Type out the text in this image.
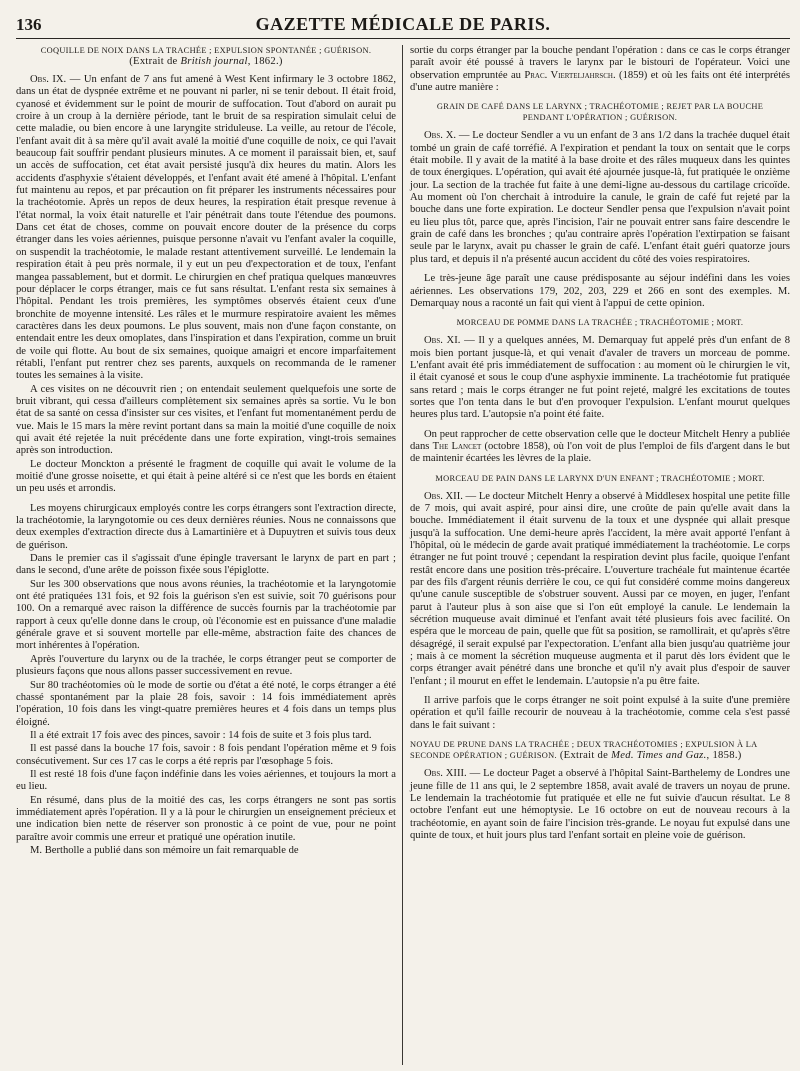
136	GAZETTE MÉDICALE DE PARIS.
COQUILLE DE NOIX DANS LA TRACHÉE ; EXPULSION SPONTANÉE ; GUÉRISON.
(Extrait de British journal, 1862.)

Obs. IX. — Un enfant de 7 ans fut amené à West Kent infirmary le 3 octobre 1862, dans un état de dyspnée extrême et ne pouvant ni parler, ni se tenir debout. Il était froid, cyanosé et évidemment sur le point de mourir de suffocation. Tout d'abord on aurait pu croire à un croup à la dernière période, tant le bruit de sa respiration simulait celui de cette maladie, ou bien encore à une laryngite striduleuse. La veille, au retour de l'école, l'enfant avait dit à sa mère qu'il avait avalé la moitié d'une coquille de noix, ce qui l'avait beaucoup fait souffrir pendant plusieurs minutes. A ce moment il paraissait bien, et, sauf un accès de suffocation, cet état avait persisté jusqu'à dix heures du matin. Alors les accidents d'asphyxie s'étaient développés, et l'enfant avait été amené à l'hôpital. L'enfant fut maintenu au repos, et par précaution on fit préparer les instruments nécessaires pour la trachéotomie. Après un repos de deux heures, la respiration était presque revenue à l'état normal, la voix était naturelle et l'air pénétrait dans toute l'étendue des poumons. Dans cet état de choses, comme on pouvait encore douter de la présence du corps étranger dans les voies aériennes, puisque personne n'avait vu l'enfant avaler la coquille, on suspendit la trachéotomie, le malade restant attentivement surveillé. Le lendemain la respiration était à peu près normale, il y eut un peu d'expectoration et de toux, l'enfant mangea passablement, but et dormit. Le chirurgien en chef pratiqua quelques manœuvres pour déplacer le corps étranger, mais ce fut sans résultat. L'enfant resta six semaines à l'hôpital. Pendant les trois premières, les symptômes observés étaient ceux d'une bronchite de moyenne intensité. Les râles et le murmure respiratoire avaient les mêmes caractères dans les deux poumons. Le plus souvent, mais non d'une façon constante, on entendait entre les deux omoplates, dans l'inspiration et dans l'expiration, comme un bruit de voile qui flotte. Au bout de six semaines, quoique amaigri et encore imparfaitement rétabli, l'enfant put rentrer chez ses parents, auxquels on recommanda de le ramener toutes les semaines à la visite.

A ces visites on ne découvrit rien ; on entendait seulement quelquefois une sorte de bruit vibrant, qui cessa d'ailleurs complètement six semaines après sa sortie. Vu le bon état de sa santé on cessa d'insister sur ces visites, et l'enfant fut momentanément perdu de vue. Mais le 15 mars la mère revint portant dans sa main la moitié d'une coquille de noix qui avait été rejetée la nuit précédente dans une forte expiration, vingt-trois semaines après son introduction.

Le docteur Monckton a présenté le fragment de coquille qui avait le volume de la moitié d'une grosse noisette, et qui était à peine altéré si ce n'est que les bords en étaient un peu usés et arrondis.

Les moyens chirurgicaux employés contre les corps étrangers sont l'extraction directe, la trachéotomie, la laryngotomie ou ces deux dernières réunies. Nous ne connaissons que deux exemples d'extraction directe dus à Lamartinière et à Dupuytren et suivis tous deux de guérison.

Dans le premier cas il s'agissait d'une épingle traversant le larynx de part en part ; dans le second, d'une arête de poisson fixée sous l'épiglotte.

Sur les 300 observations que nous avons réunies, la trachéotomie et la laryngotomie ont été pratiquées 131 fois, et 92 fois la guérison s'en est suivie, soit 70 guérisons pour 100. On a remarqué avec raison la différence de succès fournis par la trachéotomie par rapport à ceux qu'elle donne dans le croup, où l'économie est en puissance d'une maladie générale grave et si souvent mortelle par elle-même, abstraction faite des chances de mort inhérentes à l'opération.

Après l'ouverture du larynx ou de la trachée, le corps étranger peut se comporter de plusieurs façons que nous allons passer successivement en revue.

Sur 80 trachéotomies où le mode de sortie ou d'état a été noté, le corps étranger a été chassé spontanément par la plaie 28 fois, savoir : 14 fois immédiatement après l'opération, 10 fois dans les vingt-quatre premières heures et 4 fois dans un temps plus éloigné.

Il a été extrait 17 fois avec des pinces, savoir : 14 fois de suite et 3 fois plus tard.

Il est passé dans la bouche 17 fois, savoir : 8 fois pendant l'opération même et 9 fois consécutivement. Sur ces 17 cas le corps a été repris par l'œsophage 5 fois.

Il est resté 18 fois d'une façon indéfinie dans les voies aériennes, et toujours la mort a eu lieu.

En résumé, dans plus de la moitié des cas, les corps étrangers ne sont pas sortis immédiatement après l'opération. Il y a là pour le chirurgien un enseignement précieux et une indication bien nette de réserver son pronostic à ce point de vue, pour ne point paraître avoir commis une erreur et pratiqué une opération inutile.

M. Bertholle a publié dans son mémoire un fait remarquable de

sortie du corps étranger par la bouche pendant l'opération : dans ce cas le corps étranger paraît avoir été poussé à travers le larynx par le bistouri de l'opérateur. Voici une observation empruntée au Prac. Vierteljahrsch. (1859) et où les faits ont été interprétés d'une autre manière :

GRAIN DE CAFÉ DANS LE LARYNX ; TRACHÉOTOMIE ; REJET PAR LA BOUCHE PENDANT L'OPÉRATION ; GUÉRISON.

Obs. X. — Le docteur Sendler a vu un enfant de 3 ans 1/2 dans la trachée duquel était tombé un grain de café torréfié. A l'expiration et pendant la toux on sentait que le corps était mobile. Il y avait de la matité à la base droite et des râles muqueux dans les quintes de toux énergiques. L'opération, qui avait été ajournée jusque-là, fut pratiquée le onzième jour. La section de la trachée fut faite à une demi-ligne au-dessous du cartilage cricoïde. Au moment où l'on cherchait à introduire la canule, le grain de café fut rejeté par la bouche dans une forte expiration. Le docteur Sendler pensa que l'expulsion n'avait point eu lieu plus tôt, parce que, après l'incision, l'air ne pouvait entrer sans faire descendre le grain de café dans les bronches ; qu'au contraire après l'opération l'extirpation se faisant seule par le larynx, avait pu chasser le grain de café. L'enfant était guéri quatorze jours plus tard, et depuis il n'a présenté aucun accident du côté des voies respiratoires.

Le très-jeune âge paraît une cause prédisposante au séjour indéfini dans les voies aériennes. Les observations 179, 202, 203, 229 et 266 en sont des exemples. M. Demarquay nous a raconté un fait qui vient à l'appui de cette opinion.

MORCEAU DE POMME DANS LA TRACHÉE ; TRACHÉOTOMIE ; MORT.

Obs. XI. — Il y a quelques années, M. Demarquay fut appelé près d'un enfant de 8 mois bien portant jusque-là, et qui venait d'avaler de travers un morceau de pomme. L'enfant avait été pris immédiatement de suffocation : au moment où le chirurgien le vit, il était cyanosé et sous le coup d'une asphyxie imminente. La trachéotomie fut pratiquée sans retard ; mais le corps étranger ne fut point rejeté, malgré les excitations de toutes sortes que l'on tenta dans le but d'en provoquer l'expulsion. L'enfant mourut quelques heures plus tard. L'autopsie n'a point été faite.

On peut rapprocher de cette observation celle que le docteur Mitchelt Henry a publiée dans The Lancet (octobre 1858), où l'on voit de plus l'emploi de fils d'argent dans le but de maintenir écartées les lèvres de la plaie.

MORCEAU DE PAIN DANS LE LARYNX D'UN ENFANT ; TRACHÉOTOMIE ; MORT.

Obs. XII. — Le docteur Mitchelt Henry a observé à Middlesex hospital une petite fille de 7 mois, qui avait aspiré, pour ainsi dire, une croûte de pain qu'elle avait dans la bouche. Immédiatement il était survenu de la toux et une dyspnée qui allait presque jusqu'à la suffocation. Une demi-heure après l'accident, la mère avait apporté l'enfant à l'hôpital, où le médecin de garde avait pratiqué immédiatement la trachéotomie. Le corps étranger ne fut point trouvé ; cependant la respiration devint plus facile, quoique l'enfant restât encore dans une position très-précaire. L'ouverture trachéale fut maintenue écartée par des fils d'argent réunis derrière le cou, ce qui fut considéré comme moins dangereux qu'une canule susceptible de s'obstruer souvent. Aussi par ce moyen, en juger, l'enfant parut à l'auteur plus à son aise que si l'on eût employé la canule. Le lendemain la sécrétion muqueuse avait diminué et l'enfant avait tété plusieurs fois avec facilité. On espéra que le morceau de pain, quelle que fût sa position, se ramollirait, et qu'après s'être désagrégé, il serait expulsé par l'expectoration. L'enfant alla bien jusqu'au quatrième jour ; mais à ce moment la sécrétion muqueuse augmenta et il parut dès lors évident que le corps étranger avait pénétré dans une bronche et qu'il n'y avait plus d'espoir de sauver l'enfant ; il mourut en effet le lendemain. L'autopsie n'a pu être faite.

Il arrive parfois que le corps étranger ne soit point expulsé à la suite d'une première opération et qu'il faille recourir de nouveau à la trachéotomie, comme cela s'est passé dans le fait suivant :

NOYAU DE PRUNE DANS LA TRACHÉE ; DEUX TRACHÉOTOMIES ; EXPULSION À LA SECONDE OPÉRATION ; GUÉRISON. (Extrait de Med. Times and Gaz., 1858.)

Obs. XIII. — Le docteur Paget a observé à l'hôpital Saint-Barthelemy de Londres une jeune fille de 11 ans qui, le 2 septembre 1858, avait avalé de travers un noyau de prune. Le lendemain la trachéotomie fut pratiquée et elle ne fut suivie d'aucun résultat. Le 8 octobre l'enfant eut une hémoptysie. Le 16 octobre on eut de nouveau recours à la trachéotomie, en ayant soin de faire l'incision très-grande. Le noyau fut expulsé dans une quinte de toux, et huit jours plus tard l'enfant sortait en pleine voie de guérison.
